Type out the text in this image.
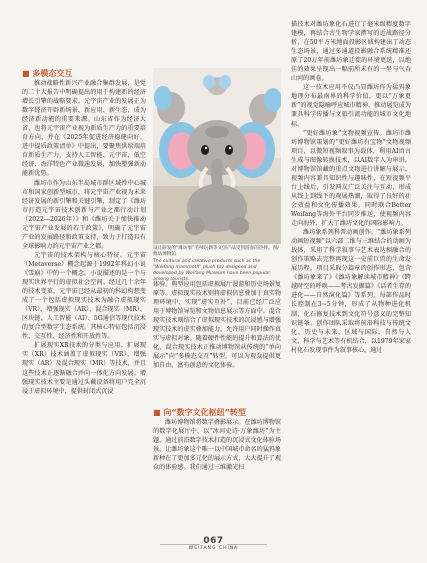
■ 多模态交互

推动战略性新兴产业融合集群发展，是党的二十大报告中明确提出的用于构建新的经济增长引擎的战略要求。元宇宙产业的发展正为数字经济开辟新场景、新应用、新生态，成为经济新动能的重要来源。山东省作为经济大省，也将元宇宙产业视为新质生产力的重要培育方向，并在《2025年促进经济稳健向好、进中提质政策清单》中提出，要聚焦供给端培育新质生产力，支持人工智能、元宇宙、低空经济、海洋特色产业微速发展，加快塑强新动能新优势。

潍坊市作为山东半岛城市群区域性中心城市和国家创新型城市，将元宇宙产业视为未来经济发展的新引擎和关键引擎，制定了《潍坊市打造元宇宙技术创新与产业之都行动计划（2022—2026年）》和《潍坊关于加快推动元宇宙产业发展的若干政策》，明确了元宇宙产业的发展路径和政策支持，致力于打造具有全球影响力的元宇宙产业之都。

元宇宙的技术架构与核心特征。元宇宙（Metaverse）概念起源于1992年科幻小说《雪崩》中的一个概念。小说描述的是一个与现实世界平行的虚拟社会空间。经过几十余年的技术变革，元宇宙已经从最初的科幻构想变成了一个包括虚拟现实技术为融合虚拟现实（VR）、增强现实（AR）、混合现实（MR）、区块链、人工智能（AI）、5G通信等现代技术的复合型数字生态系统。其核心特征包括沉浸性、交互性、经济性和开放性等。

扩展现实XR技术的分类与应用。扩展现实（XR）技术涵盖了虚拟现实（VR）、增强现实（AR）及混合现实（MR）等技术，并且这些技术正逐渐融合并向一体化方向发展。增强现实技术主要是通过头戴设备将用户完全沉浸于虚拟环境中，提供封闭式沉浸

设计研发的“潍坊象”毛绒玩偶等文创产品受到游客的热捧。图/潍坊博物馆
The cultural and creative products such as the "Weifang mammoth" plush toy designed and developed by Weifang Museum have been popular among tourists.

体验。典型应用包括虚拟展厅漫游和历史场景复原等。虚拟现实技术则将虚拟信息叠加于真实物理环境中，实现“虚实互补”，目前已经广泛应用于博物馆导览和文物信息展示等方面中。混合现实技术则结合了虚拟现实技术的沉浸感与增强现实技术的虚实叠加能力，允许用户同时操作真实与虚拟对象。随着硬件性能的提升和算法的优化，混合现实技术正推动博物馆从传统的“单向展示”向“多模态交互”转型，可以为观众提供更加自由、富有创意的文化体验。

■ 向“数字文化枢纽”转型

潍坊博物馆将数字叠影展示。在潍坊博物馆的数字化展厅中，以“冰河史诗·万象潍坊”为主题，通过前沿数字技术打造的沉浸式文化体验场景，让潍坊象这个唯一以中国城市命名的猛犸象新种在了更加多元化的展示方式，大大提升了观众的体验感。我们通过三维激光扫

描技术对潍坊象化石进行了毫米级精度数字建模，再结合古生物学家撰写的近战路径分析，在50平方米地面投影区域构建出了动态生态场景，通过多通道投影融合系统精准还原了20万年前潍坊象迁徙的环境更迭，以绝佳的效果呈现出一幅前所未有的一坐与气吞山河的画卷。

这一技术应用不仅凸显潍坊作为猛犸象地理分布最南界的科学价值，更以“万象更新”的视觉隐喻呼应城市精神，推动展览成为兼具科学传播与文旅引流功能的城市文化地标。

“更好潍坊象”文物视频宣传。潍坊市潍坊博物馆策划的“更好潍坊有宝物”文物视频项目，以微短视频叙事为载体，利用AI语言生成与图像转换技术，以AI数字人为串讲，对博物馆馆藏的重点文物进行讲解与展示。视频内容兼具知识性与趣味性，在短视频平台上线后，引发网友广泛关注与互动，形成从线上到线下的观展热潮，取得了良好的社会效益和文化传播效果。同时联合Better Weifang等海外平台同步推送，使视频内容走向海外，扩大了潍坊文化的国际影响力。

潍坊象系列科普动画创作。“潍坊象系列动画短视频”以六部二维与三维结合的动画为载体，采用了科学叙事与艺术表达相融合的创作策略去完整再现这一史前巨兽的生命发展历程。项目采取分篇章的创作形态，包含《潍坊象来了》《潍坊象解读城市精神》《跨越时空的呼唤——考古发掘篇》《话者生存的进化——自然演化篇》等系列，每部作品时长控制在3~5分钟，形成了从物种进化机制、化石修复技术到文化符号意义的完整知识链条。创作团队采取将前沿科技与传统文化、历史与未来、区域与国际、自然与人文、科学与艺术等有机结合，以1979年家家村化石发现事件为叙事核心，通过

067
WEIFANG CHINA
